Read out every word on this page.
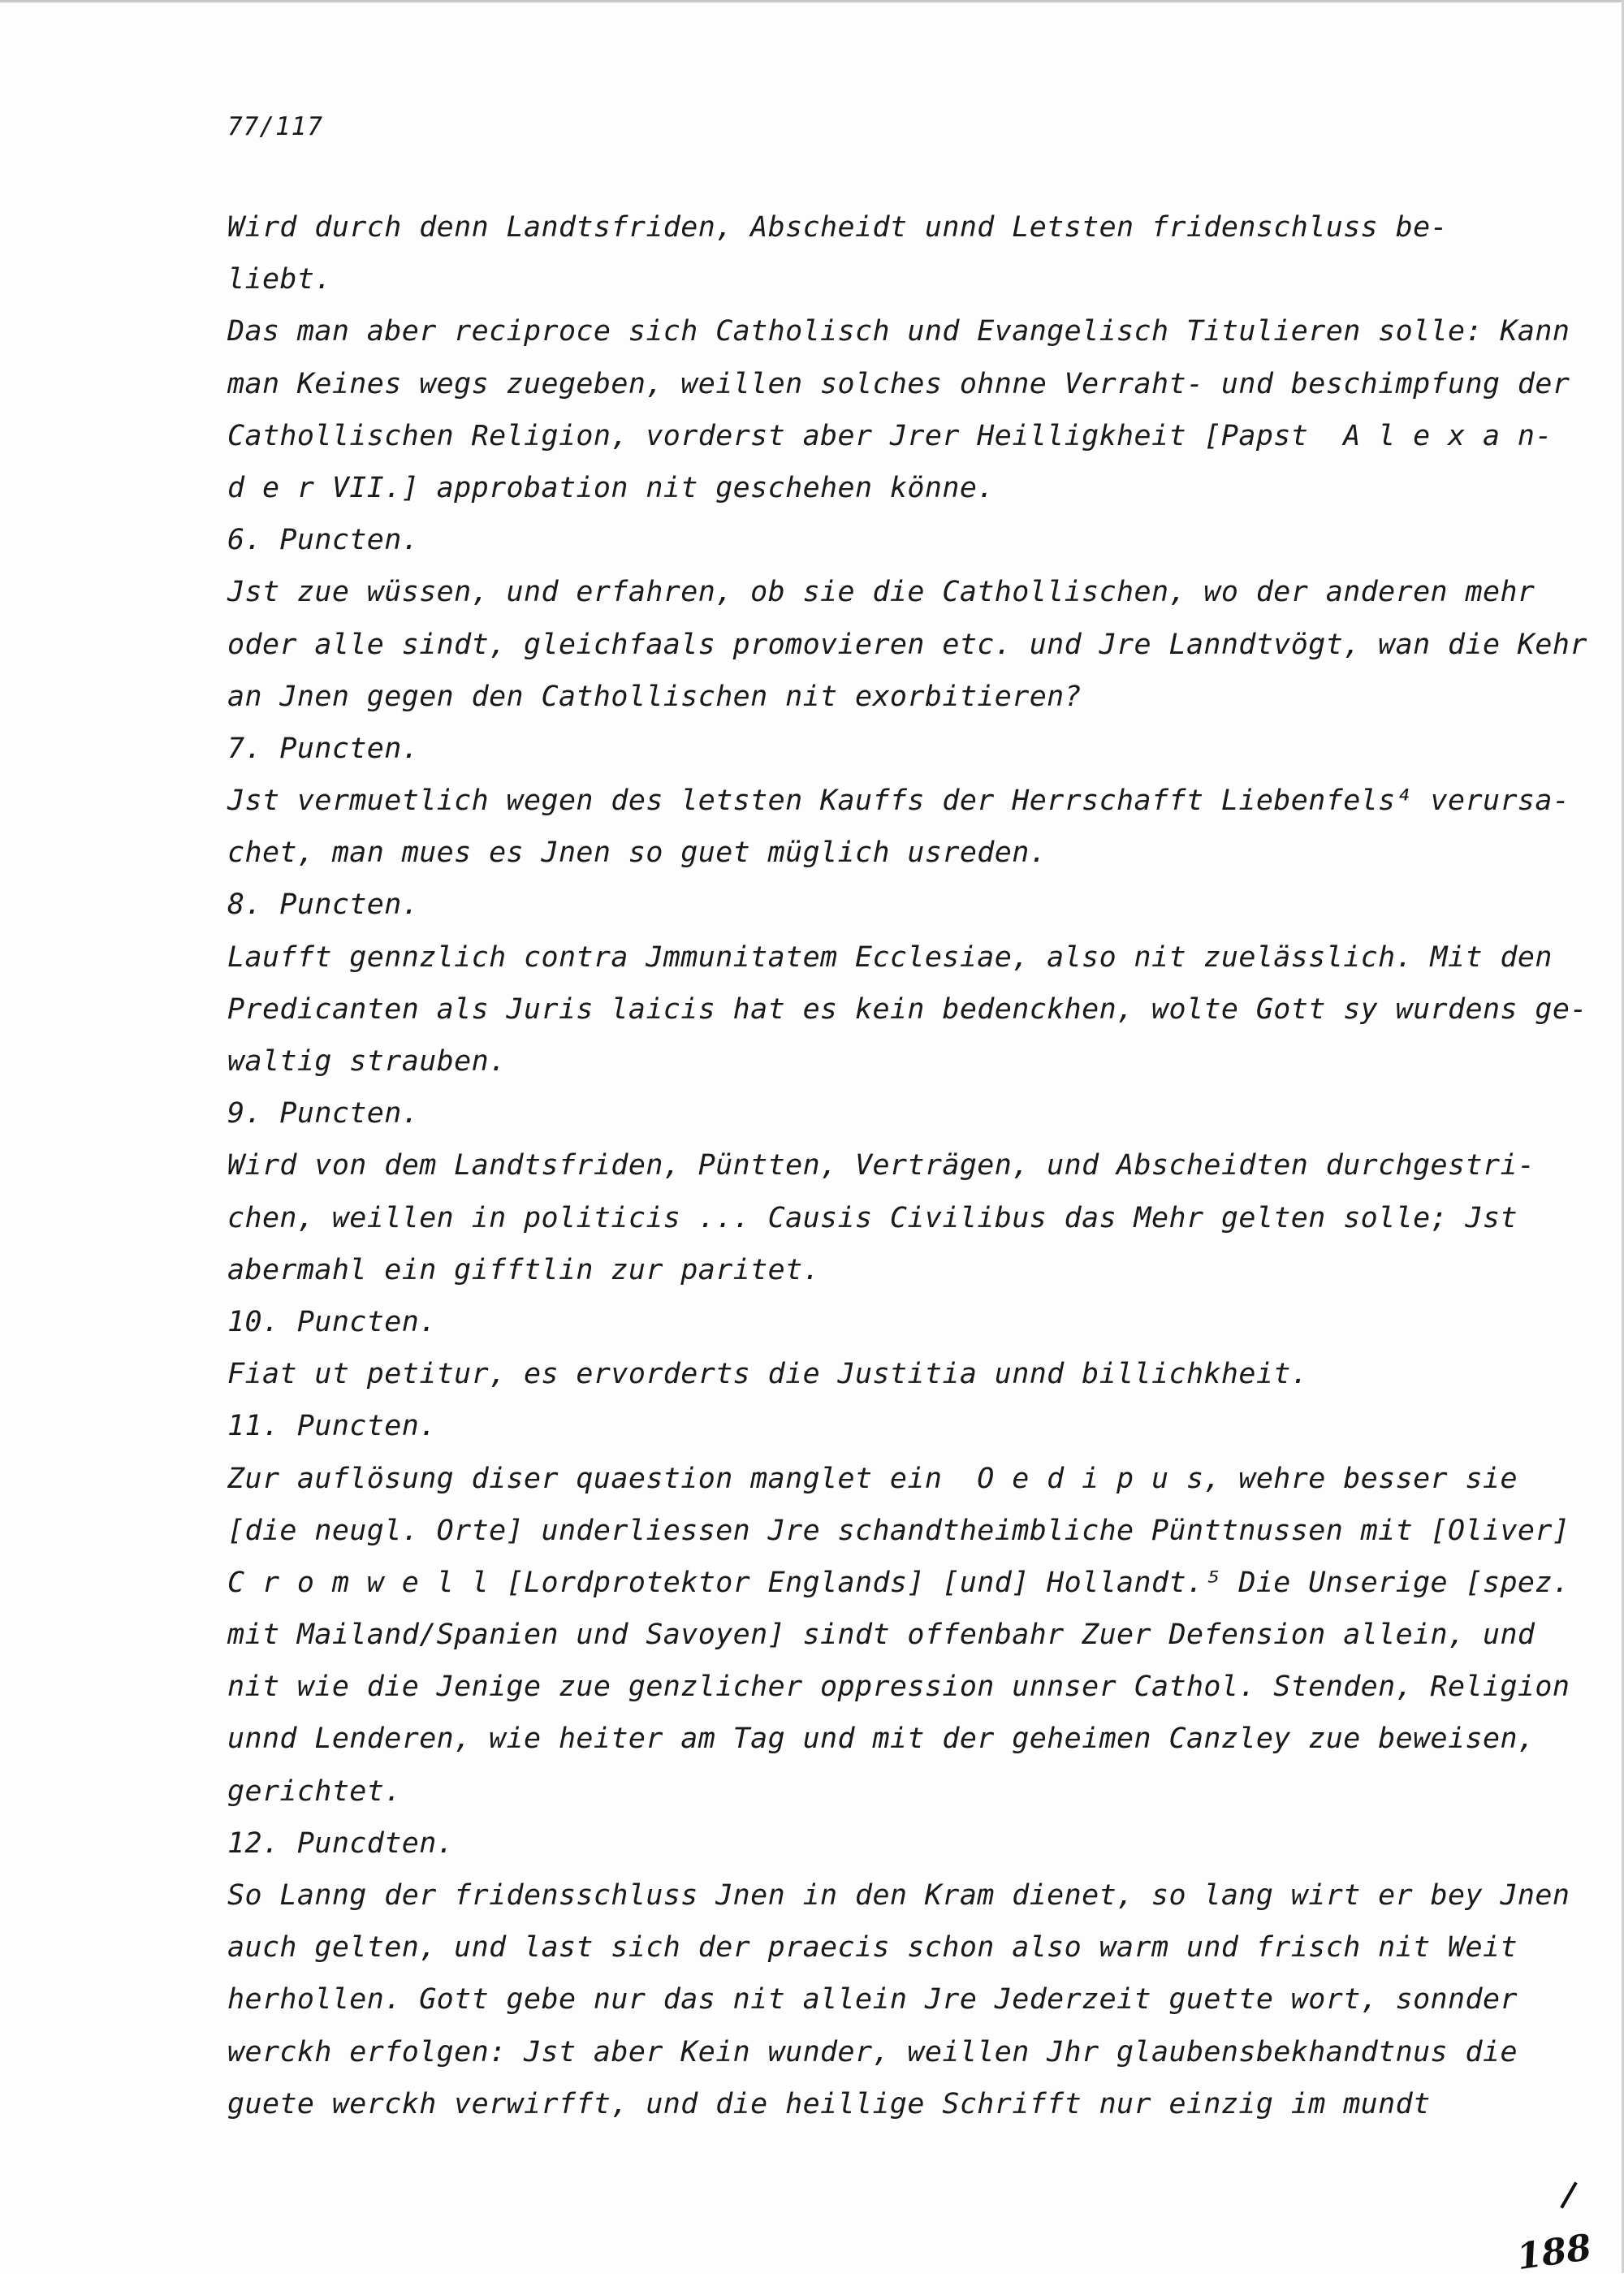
77/117
Wird durch denn Landtsfriden, Abscheidt unnd Letsten fridenschluss be-
liebt.
Das man aber reciproce sich Catholisch und Evangelisch Titulieren solle: Kann
man Keines wegs zuegeben, weillen solches ohnne Verraht- und beschimpfung der
Cathollischen Religion, vorderst aber Jrer Heilligkheit [Papst  A l e x a n-
d e r VII.] approbation nit geschehen könne.
6. Puncten.
Jst zue wüssen, und erfahren, ob sie die Cathollischen, wo der anderen mehr
oder alle sindt, gleichfaals promovieren etc. und Jre Lanndtvögt, wan die Kehr
an Jnen gegen den Cathollischen nit exorbitieren?
7. Puncten.
Jst vermuetlich wegen des letsten Kauffs der Herrschafft Liebenfels⁴ verursa-
chet, man mues es Jnen so guet müglich usreden.
8. Puncten.
Laufft gennzlich contra Jmmunitatem Ecclesiae, also nit zuelässlich. Mit den
Predicanten als Juris laicis hat es kein bedenckhen, wolte Gott sy wurdens ge-
waltig strauben.
9. Puncten.
Wird von dem Landtsfriden, Püntten, Verträgen, und Abscheidten durchgestri-
chen, weillen in politicis ... Causis Civilibus das Mehr gelten solle; Jst
abermahl ein gifftlin zur paritet.
10. Puncten.
Fiat ut petitur, es ervorderts die Justitia unnd billichkheit.
11. Puncten.
Zur auflösung diser quaestion manglet ein  O e d i p u s, wehre besser sie
[die neugl. Orte] underliessen Jre schandtheimbliche Pünttnussen mit [Oliver]
C r o m w e l l [Lordprotektor Englands] [und] Hollandt.⁵ Die Unserige [spez.
mit Mailand/Spanien und Savoyen] sindt offenbahr Zuer Defension allein, und
nit wie die Jenige zue genzlicher oppression unnser Cathol. Stenden, Religion
unnd Lenderen, wie heiter am Tag und mit der geheimen Canzley zue beweisen,
gerichtet.
12. Puncdten.
So Lanng der fridensschluss Jnen in den Kram dienet, so lang wirt er bey Jnen
auch gelten, und last sich der praecis schon also warm und frisch nit Weit
herhollen. Gott gebe nur das nit allein Jre Jederzeit guette wort, sonnder
werckh erfolgen: Jst aber Kein wunder, weillen Jhr glaubensbekhandtnus die
guete werckh verwirfft, und die heillige Schrifft nur einzig im mundt
188
